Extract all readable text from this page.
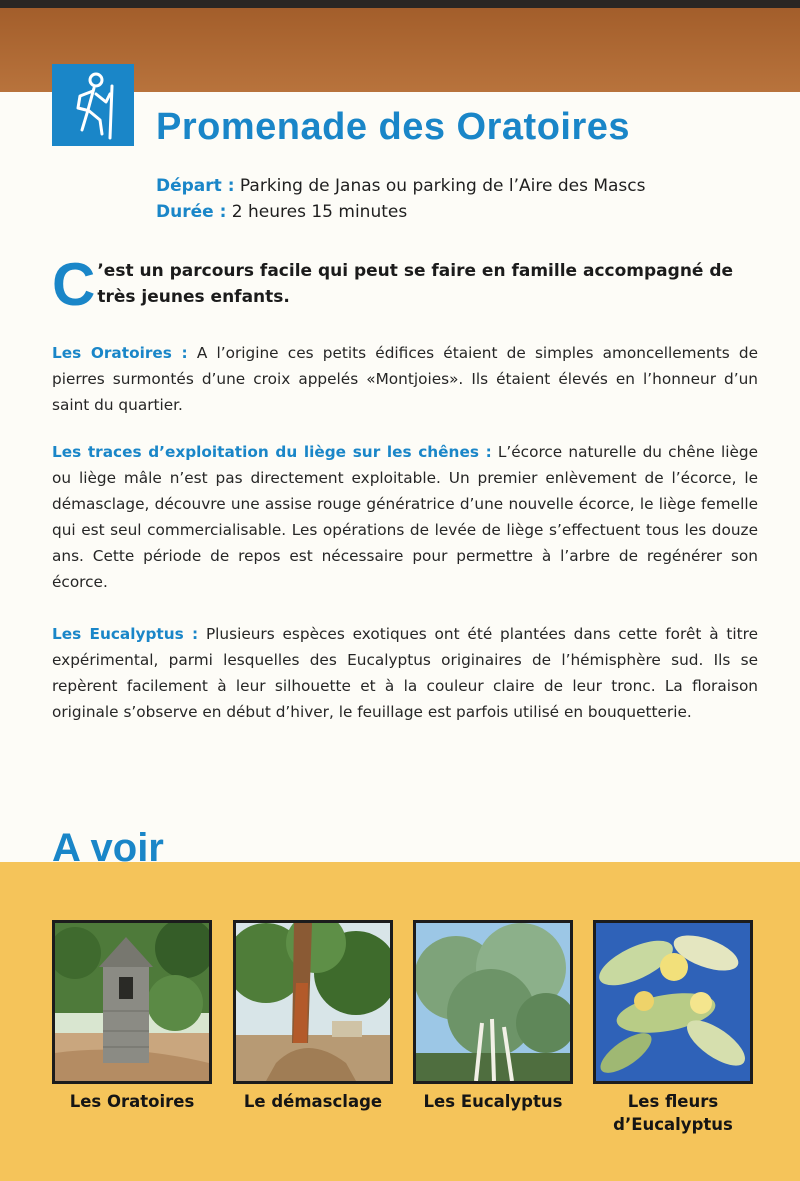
Promenade des Oratoires
Départ : Parking de Janas ou parking de l’Aire des Mascs
Durée : 2 heures 15 minutes
C ’est un parcours facile qui peut se faire en famille accompagné de très jeunes enfants.
Les Oratoires : A l’origine ces petits édifices étaient de simples amoncellements de pierres surmontés d’une croix appelés «Montjoies». Ils étaient élevés en l’honneur d’un saint du quartier.
Les traces d’exploitation du liège sur les chênes : L’écorce naturelle du chêne liège ou liège mâle n’est pas directement exploitable. Un premier enlèvement de l’écorce, le démasclage, découvre une assise rouge génératrice d’une nouvelle écorce, le liège femelle qui est seul commercialisable. Les opérations de levée de liège s’effectuent tous les douze ans. Cette période de repos est nécessaire pour permettre à l’arbre de regénérer son écorce.
Les Eucalyptus : Plusieurs espèces exotiques ont été plantées dans cette forêt à titre expérimental, parmi lesquelles des Eucalyptus originaires de l’hémisphère sud. Ils se repèrent facilement à leur silhouette et à la couleur claire de leur tronc. La floraison originale s’observe en début d’hiver, le feuillage est parfois utilisé en bouquetterie.
A voir
Les Oratoires	Le démasclage	Les Eucalyptus	Les fleurs
d’Eucalyptus
